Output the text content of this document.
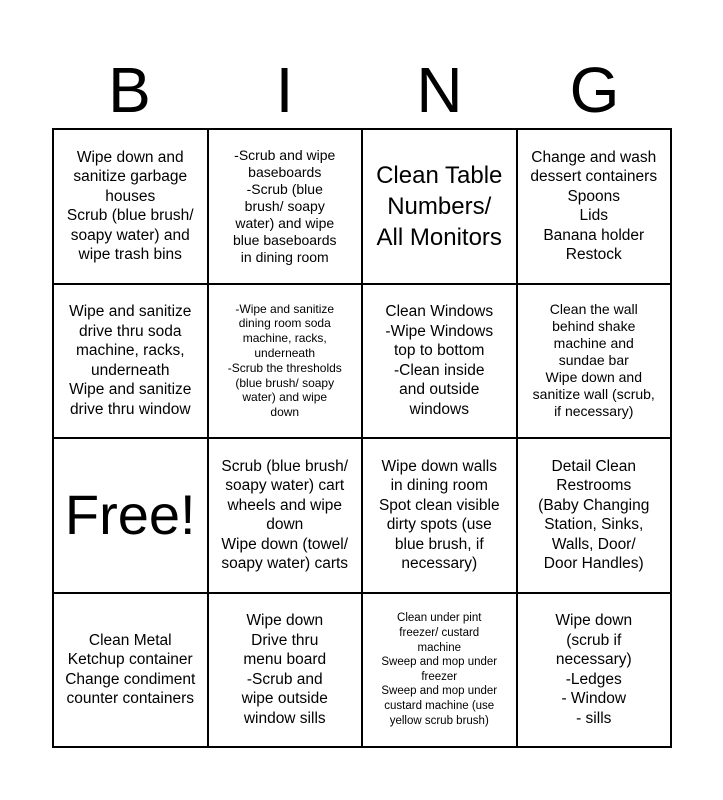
B	I	N	G
Wipe down and
sanitize garbage
houses
Scrub (blue brush/
soapy water) and
wipe trash bins
-Scrub and wipe
baseboards
-Scrub (blue
brush/ soapy
water) and wipe
blue baseboards
in dining room
Clean Table
Numbers/
All Monitors
Change and wash
dessert containers
Spoons
Lids
Banana holder
Restock
Wipe and sanitize
drive thru soda
machine, racks,
underneath
Wipe and sanitize
drive thru window
-Wipe and sanitize
dining room soda
machine, racks,
underneath
-Scrub the thresholds
(blue brush/ soapy
water) and wipe
down
Clean Windows
-Wipe Windows
top to bottom
-Clean inside
and outside
windows
Clean the wall
behind shake
machine and
sundae bar
Wipe down and
sanitize wall (scrub,
if necessary)
Free!
Scrub (blue brush/
soapy water) cart
wheels and wipe
down
Wipe down (towel/
soapy water) carts
Wipe down walls
in dining room
Spot clean visible
dirty spots (use
blue brush, if
necessary)
Detail Clean
Restrooms
(Baby Changing
Station, Sinks,
Walls, Door/
Door Handles)
Clean Metal
Ketchup container
Change condiment
counter containers
Wipe down
Drive thru
menu board
-Scrub and
wipe outside
window sills
Clean under pint
freezer/ custard
machine
Sweep and mop under
freezer
Sweep and mop under
custard machine (use
yellow scrub brush)
Wipe down
(scrub if
necessary)
-Ledges
- Window
- sills
